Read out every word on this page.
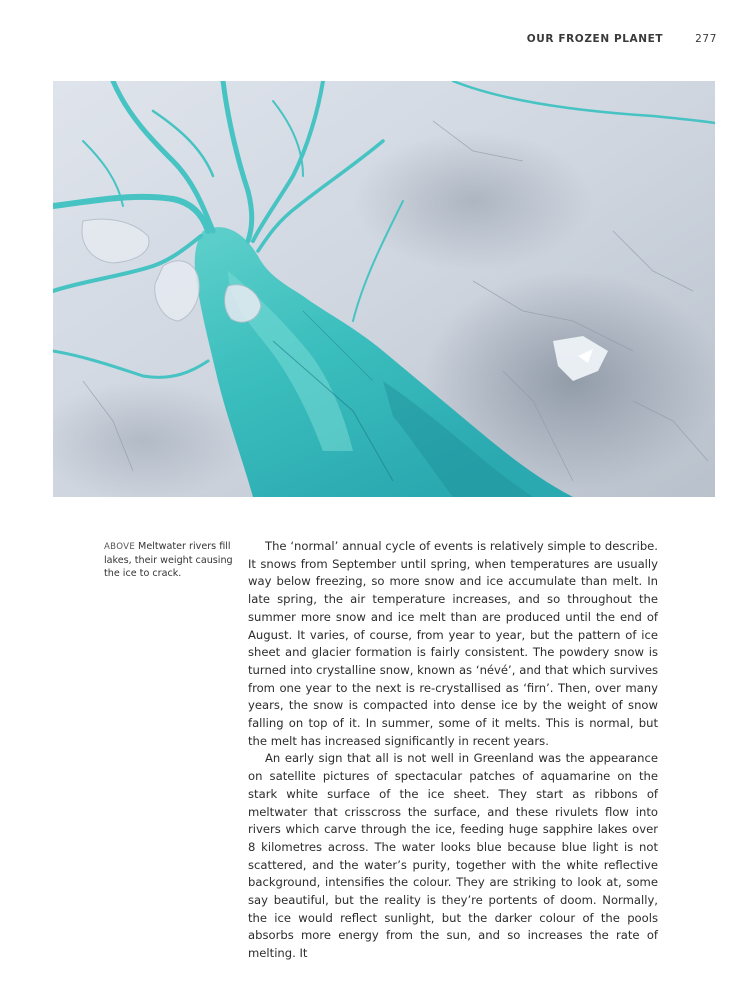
OUR FROZEN PLANET	277
ABOVE Meltwater rivers fill lakes, their weight causing the ice to crack.

The ‘normal’ annual cycle of events is relatively simple to describe. It snows from September until spring, when temperatures are usually way below freezing, so more snow and ice accumulate than melt. In late spring, the air temperature increases, and so throughout the summer more snow and ice melt than are produced until the end of August. It varies, of course, from year to year, but the pattern of ice sheet and glacier formation is fairly consistent. The powdery snow is turned into crystalline snow, known as ‘névé’, and that which survives from one year to the next is re-crystallised as ‘firn’. Then, over many years, the snow is compacted into dense ice by the weight of snow falling on top of it. In summer, some of it melts. This is normal, but the melt has increased significantly in recent years.

An early sign that all is not well in Greenland was the appearance on satellite pictures of spectacular patches of aquamarine on the stark white surface of the ice sheet. They start as ribbons of meltwater that crisscross the surface, and these rivulets flow into rivers which carve through the ice, feeding huge sapphire lakes over 8 kilometres across. The water looks blue because blue light is not scattered, and the water’s purity, together with the white reflective background, intensifies the colour. They are striking to look at, some say beautiful, but the reality is they’re portents of doom. Normally, the ice would reflect sunlight, but the darker colour of the pools absorbs more energy from the sun, and so increases the rate of melting. It
